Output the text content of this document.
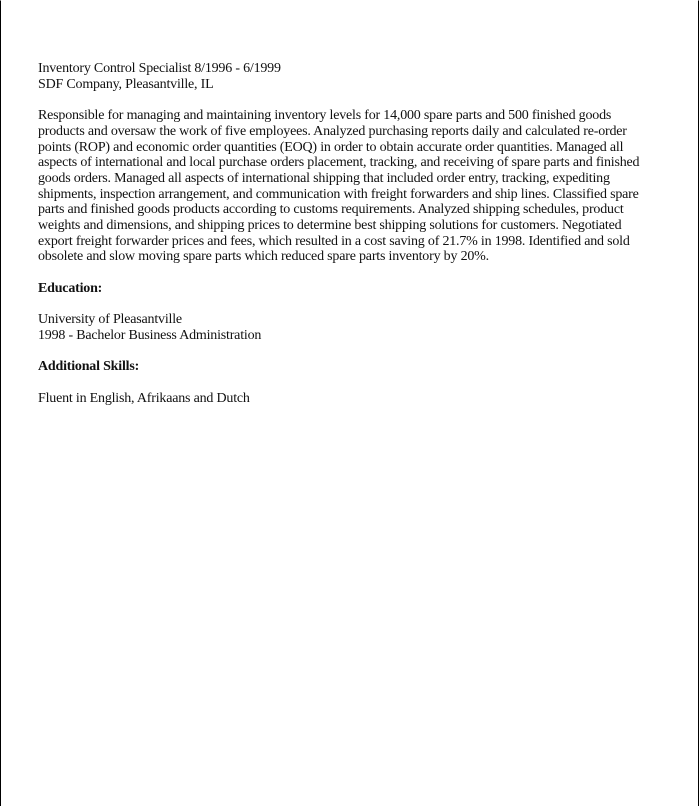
Inventory Control Specialist 8/1996 - 6/1999
SDF Company, Pleasantville, IL
Responsible for managing and maintaining inventory levels for 14,000 spare parts and 500 finished goods
products and oversaw the work of five employees. Analyzed purchasing reports daily and calculated re-order
points (ROP) and economic order quantities (EOQ) in order to obtain accurate order quantities. Managed all
aspects of international and local purchase orders placement, tracking, and receiving of spare parts and finished
goods orders. Managed all aspects of international shipping that included order entry, tracking, expediting
shipments, inspection arrangement, and communication with freight forwarders and ship lines. Classified spare
parts and finished goods products according to customs requirements. Analyzed shipping schedules, product
weights and dimensions, and shipping prices to determine best shipping solutions for customers. Negotiated
export freight forwarder prices and fees, which resulted in a cost saving of 21.7% in 1998. Identified and sold
obsolete and slow moving spare parts which reduced spare parts inventory by 20%.
Education:
University of Pleasantville
1998 - Bachelor Business Administration
Additional Skills:
Fluent in English, Afrikaans and Dutch
